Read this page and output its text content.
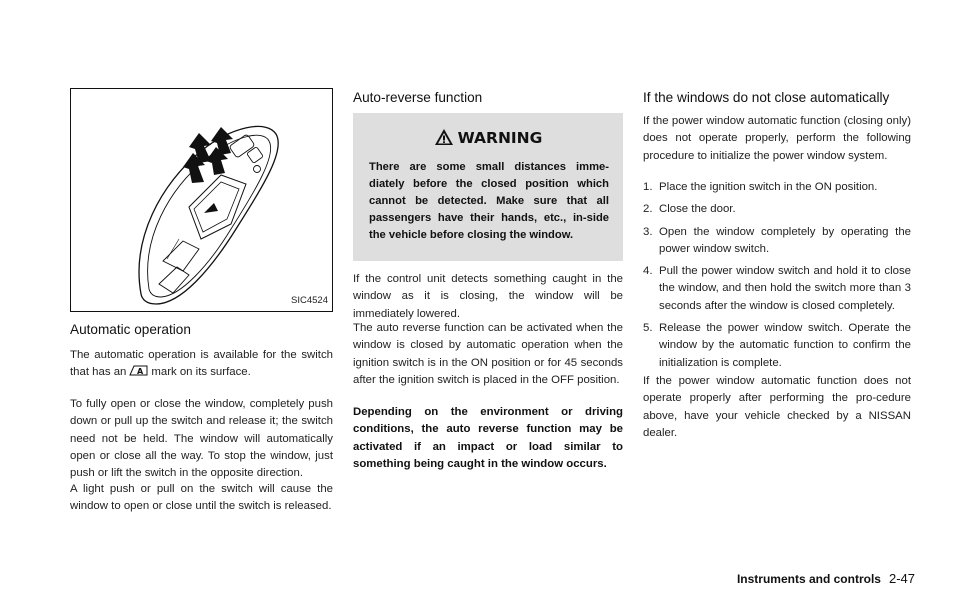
SIC4524
Automatic operation

The automatic operation is available for the switch that has an A mark on its surface.

To fully open or close the window, completely push down or pull up the switch and release it; the switch need not be held. The window will automatically open or close all the way. To stop the window, just push or lift the switch in the opposite direction.

A light push or pull on the switch will cause the window to open or close until the switch is released.

Auto-reverse function
WARNING

There are some small distances imme-diately before the closed position which cannot be detected. Make sure that all passengers have their hands, etc., in-side the vehicle before closing the window.

If the control unit detects something caught in the window as it is closing, the window will be immediately lowered.

The auto reverse function can be activated when the window is closed by automatic operation when the ignition switch is in the ON position or for 45 seconds after the ignition switch is placed in the OFF position.

Depending on the environment or driving conditions, the auto reverse function may be activated if an impact or load similar to something being caught in the window occurs.

If the windows do not close automatically

If the power window automatic function (closing only) does not operate properly, perform the following procedure to initialize the power window system.

1. Place the ignition switch in the ON position.
2. Close the door.
3. Open the window completely by operating the power window switch.
4. Pull the power window switch and hold it to close the window, and then hold the switch more than 3 seconds after the window is closed completely.
5. Release the power window switch. Operate the window by the automatic function to confirm the initialization is complete.

If the power window automatic function does not operate properly after performing the pro-cedure above, have your vehicle checked by a NISSAN dealer.

Instruments and controls 2-47
